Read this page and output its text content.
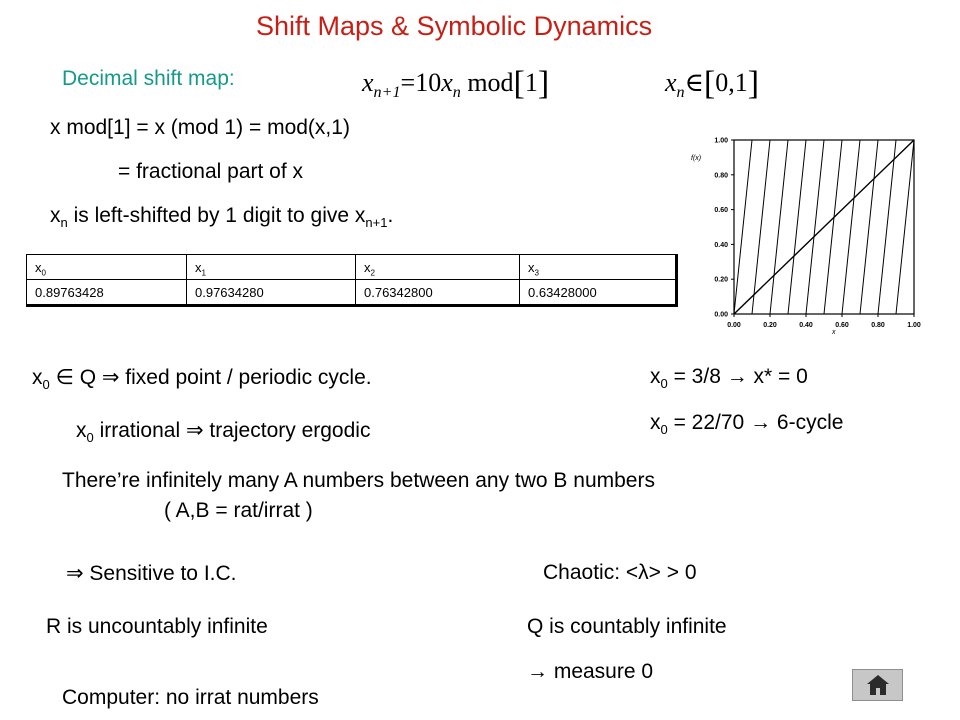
Shift Maps & Symbolic Dynamics
Decimal shift map:	$x_{n+1}=10x_n$ mod[1]	$x_n\in[0,1]$
x mod[1] = x (mod 1) = mod(x,1)
= fractional part of x
$x_n$ is left-shifted by 1 digit to give $x_{n+1}$.
$x_0$	$x_1$	$x_2$	$x_3$
0.89763428	0.97634280	0.76342800	0.63428000
0.00	0.20	0.40	0.60	0.80	1.00
0.00
0.20
0.40
0.60
0.80
1.00
f(x)
x
$x_0$ ∈ Q ⇒ fixed point / periodic cycle.	$x_0 = 3/8 \to x* = 0$
$x_0$ irrational ⇒ trajectory ergodic	$x_0 = 22/70$ → 6-cycle
There’re infinitely many A numbers between any two B numbers
( A,B = rat/irrat )
⇒ Sensitive to I.C.	Chaotic: <λ> > 0
R is uncountably infinite	Q is countably infinite
→ measure 0
Computer: no irrat numbers
